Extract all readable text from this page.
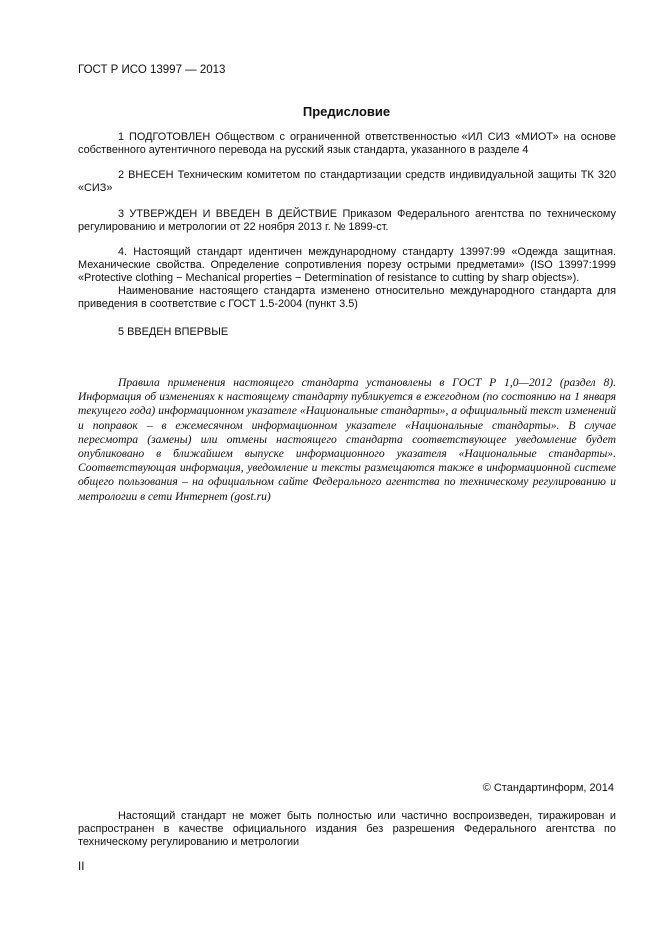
ГОСТ Р ИСО 13997 — 2013
Предисловие

1 ПОДГОТОВЛЕН Обществом с ограниченной ответственностью «ИЛ СИЗ «МИОТ» на основе собственного аутентичного перевода на русский язык стандарта, указанного в разделе 4

2 ВНЕСЕН Техническим комитетом по стандартизации средств индивидуальной защиты ТК 320 «СИЗ»

3 УТВЕРЖДЕН И ВВЕДЕН В ДЕЙСТВИЕ Приказом Федерального агентства по техническому регулированию и метрологии от 22 ноября 2013 г. № 1899-ст.

4. Настоящий стандарт идентичен международному стандарту 13997:99 «Одежда защитная. Механические свойства. Определение сопротивления порезу острыми предметами» (ISO 13997:1999 «Protective clothing − Mechanical properties − Determination of resistance to cutting by sharp objects»).

Наименование настоящего стандарта изменено относительно международного стандарта для приведения в соответствие с ГОСТ 1.5-2004 (пункт 3.5)

5 ВВЕДЕН ВПЕРВЫЕ

Правила применения настоящего стандарта установлены в ГОСТ Р 1,0—2012 (раздел 8). Информация об изменениях к настоящему стандарту публикуется в ежегодном (по состоянию на 1 января текущего года) информационном указателе «Национальные стандарты», а официальный текст изменений и поправок – в ежемесячном информационном указателе «Национальные стандарты». В случае пересмотра (замены) или отмены настоящего стандарта соответствующее уведомление будет опубликовано в ближайшем выпуске информационного указателя «Национальные стандарты». Соответствующая информация, уведомление и тексты размещаются также в информационной системе общего пользования – на официальном сайте Федерального агентства по техническому регулированию и метрологии в сети Интернет (gost.ru)
© Стандартинформ, 2014
Настоящий стандарт не может быть полностью или частично воспроизведен, тиражирован и распространен в качестве официального издания без разрешения Федерального агентства по техническому регулированию и метрологии
II
